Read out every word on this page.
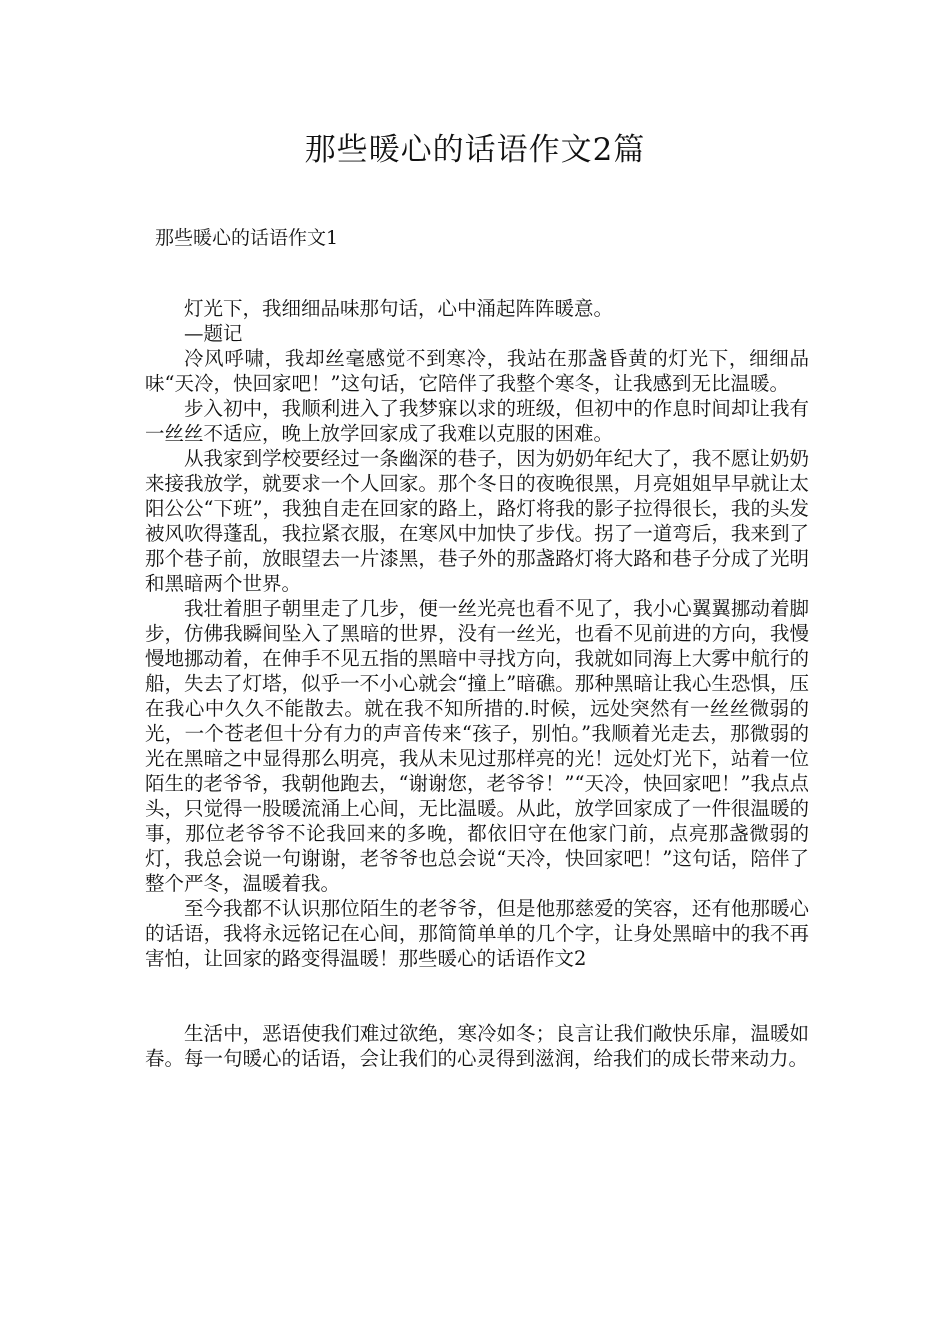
那些暖心的话语作文2篇
那些暖心的话语作文1

灯光下，我细细品味那句话，心中涌起阵阵暖意。

—题记

冷风呼啸，我却丝毫感觉不到寒冷，我站在那盏昏黄的灯光下，细细品味“天冷，快回家吧！”这句话，它陪伴了我整个寒冬，让我感到无比温暖。

步入初中，我顺利进入了我梦寐以求的班级，但初中的作息时间却让我有一丝丝不适应，晚上放学回家成了我难以克服的困难。

从我家到学校要经过一条幽深的巷子，因为奶奶年纪大了，我不愿让奶奶来接我放学，就要求一个人回家。那个冬日的夜晚很黑，月亮姐姐早早就让太阳公公“下班”，我独自走在回家的路上，路灯将我的影子拉得很长，我的头发被风吹得蓬乱，我拉紧衣服，在寒风中加快了步伐。拐了一道弯后，我来到了那个巷子前，放眼望去一片漆黑，巷子外的那盏路灯将大路和巷子分成了光明和黑暗两个世界。

我壮着胆子朝里走了几步，便一丝光亮也看不见了，我小心翼翼挪动着脚步，仿佛我瞬间坠入了黑暗的世界，没有一丝光，也看不见前进的方向，我慢慢地挪动着，在伸手不见五指的黑暗中寻找方向，我就如同海上大雾中航行的船，失去了灯塔，似乎一不小心就会“撞上”暗礁。那种黑暗让我心生恐惧，压在我心中久久不能散去。就在我不知所措的.时候，远处突然有一丝丝微弱的光，一个苍老但十分有力的声音传来“孩子，别怕。”我顺着光走去，那微弱的光在黑暗之中显得那么明亮，我从未见过那样亮的光！远处灯光下，站着一位陌生的老爷爷，我朝他跑去，“谢谢您，老爷爷！”“天冷，快回家吧！”我点点头，只觉得一股暖流涌上心间，无比温暖。从此，放学回家成了一件很温暖的事，那位老爷爷不论我回来的多晚，都依旧守在他家门前，点亮那盏微弱的灯，我总会说一句谢谢，老爷爷也总会说“天冷，快回家吧！”这句话，陪伴了整个严冬，温暖着我。

至今我都不认识那位陌生的老爷爷，但是他那慈爱的笑容，还有他那暖心的话语，我将永远铭记在心间，那简简单单的几个字，让身处黑暗中的我不再害怕，让回家的路变得温暖！那些暖心的话语作文2

生活中，恶语使我们难过欲绝，寒冷如冬；良言让我们敞快乐扉，温暖如春。每一句暖心的话语，会让我们的心灵得到滋润，给我们的成长带来动力。
